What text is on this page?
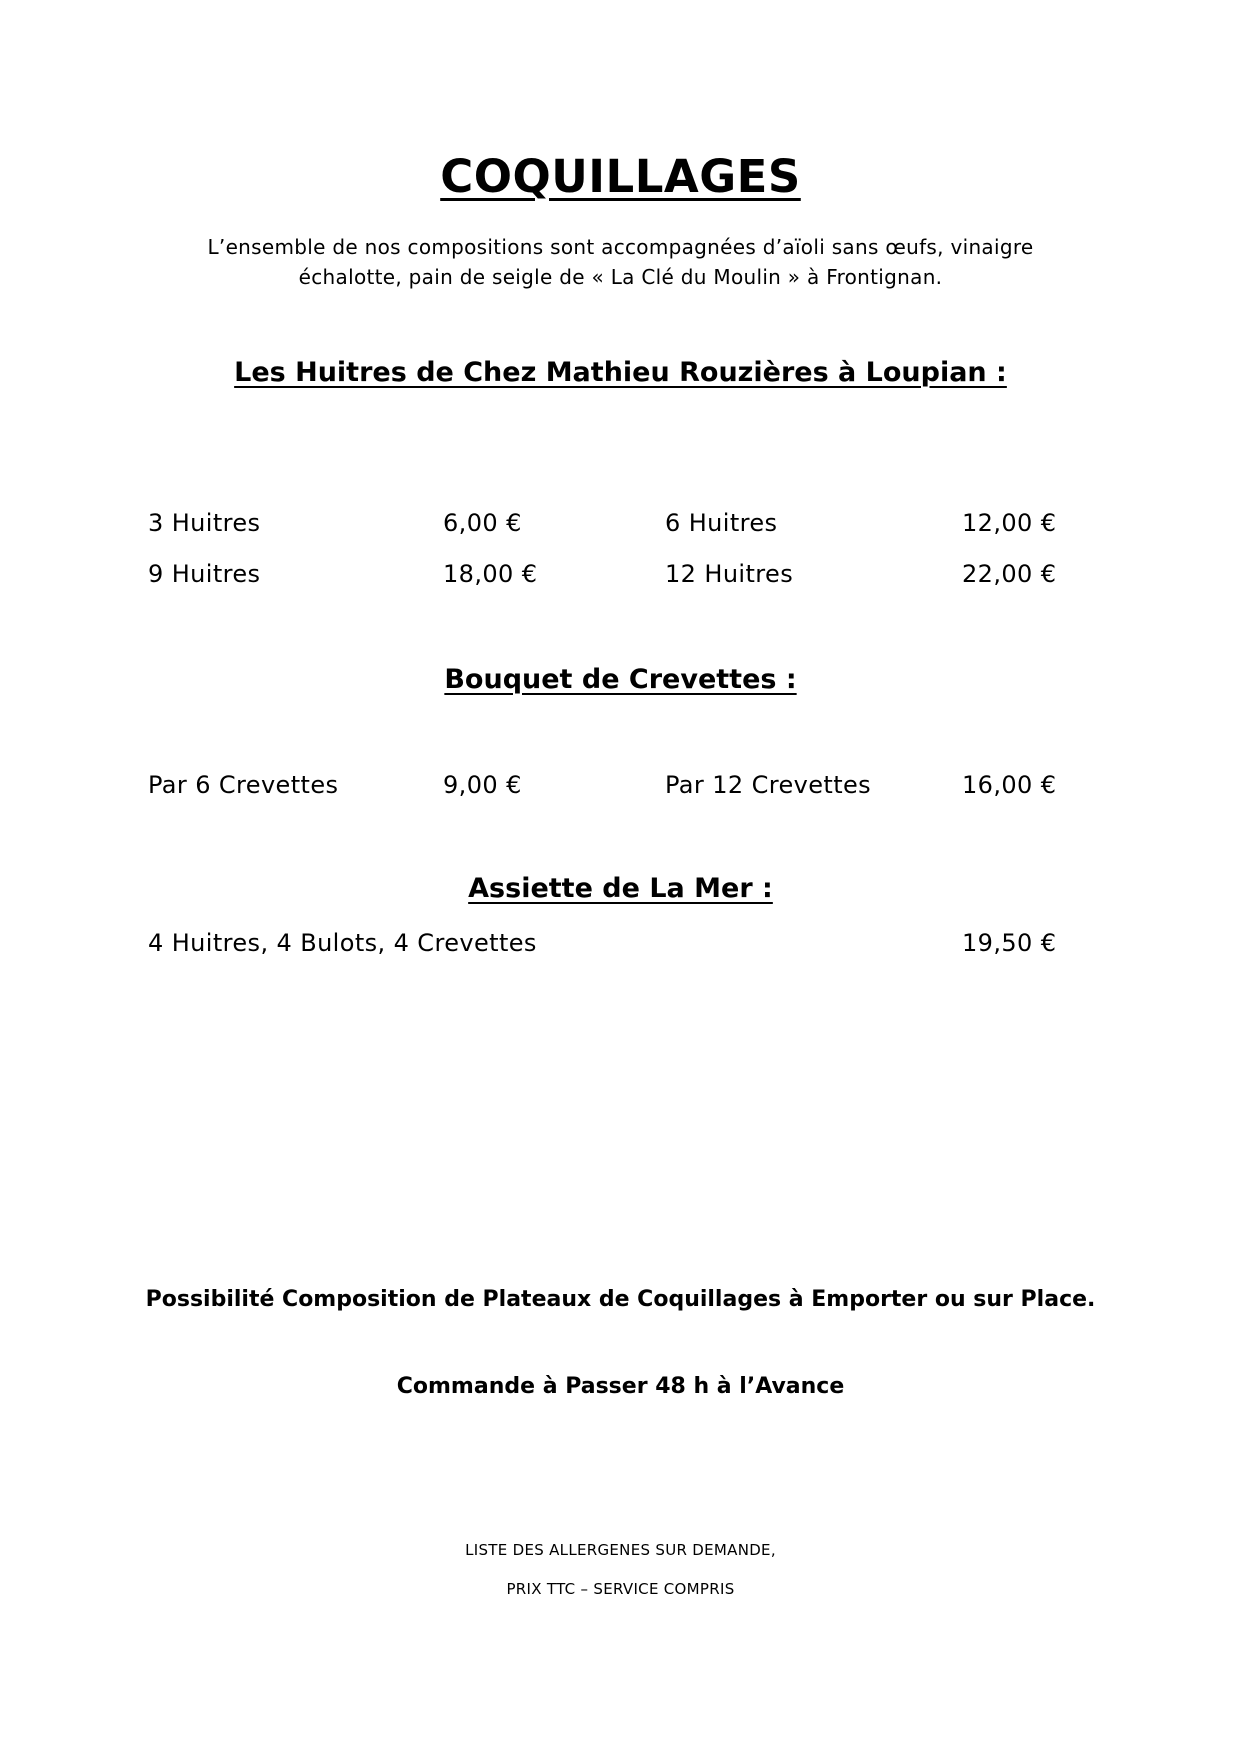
COQUILLAGES
L’ensemble de nos compositions sont accompagnées d’aïoli sans œufs, vinaigre
échalotte, pain de seigle de « La Clé du Moulin » à Frontignan.
Les Huitres de Chez Mathieu Rouzières à Loupian :
3 Huitres	6,00 €	6 Huitres	12,00 €
9 Huitres	18,00 €	12 Huitres	22,00 €
Bouquet de Crevettes :
Par 6 Crevettes	9,00 €	Par 12 Crevettes	16,00 €
Assiette de La Mer :
4 Huitres, 4 Bulots, 4 Crevettes	19,50 €
Possibilité Composition de Plateaux de Coquillages à Emporter ou sur Place.
Commande à Passer 48 h à l’Avance
LISTE DES ALLERGENES SUR DEMANDE,
PRIX TTC – SERVICE COMPRIS
